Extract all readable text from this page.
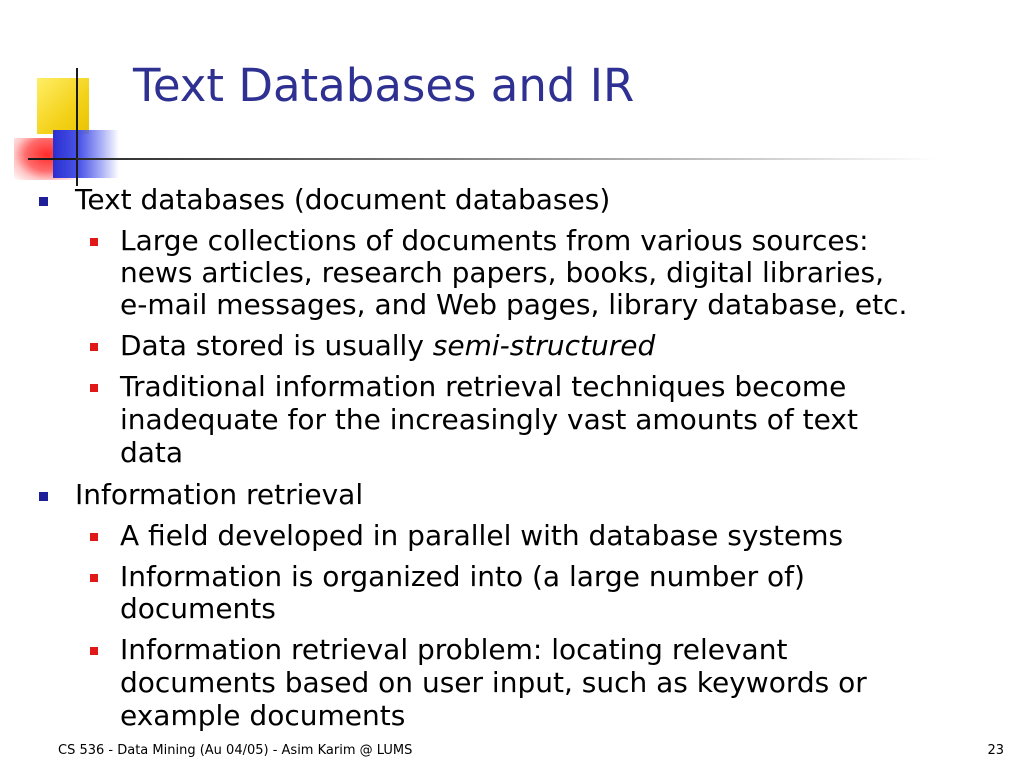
Text Databases and IR
Text databases (document databases)
Large collections of documents from various sources:
news articles, research papers, books, digital libraries,
e-mail messages, and Web pages, library database, etc.
Data stored is usually semi-structured
Traditional information retrieval techniques become
inadequate for the increasingly vast amounts of text
data
Information retrieval
A field developed in parallel with database systems
Information is organized into (a large number of)
documents
Information retrieval problem: locating relevant
documents based on user input, such as keywords or
example documents
CS 536 - Data Mining (Au 04/05) - Asim Karim @ LUMS	23
